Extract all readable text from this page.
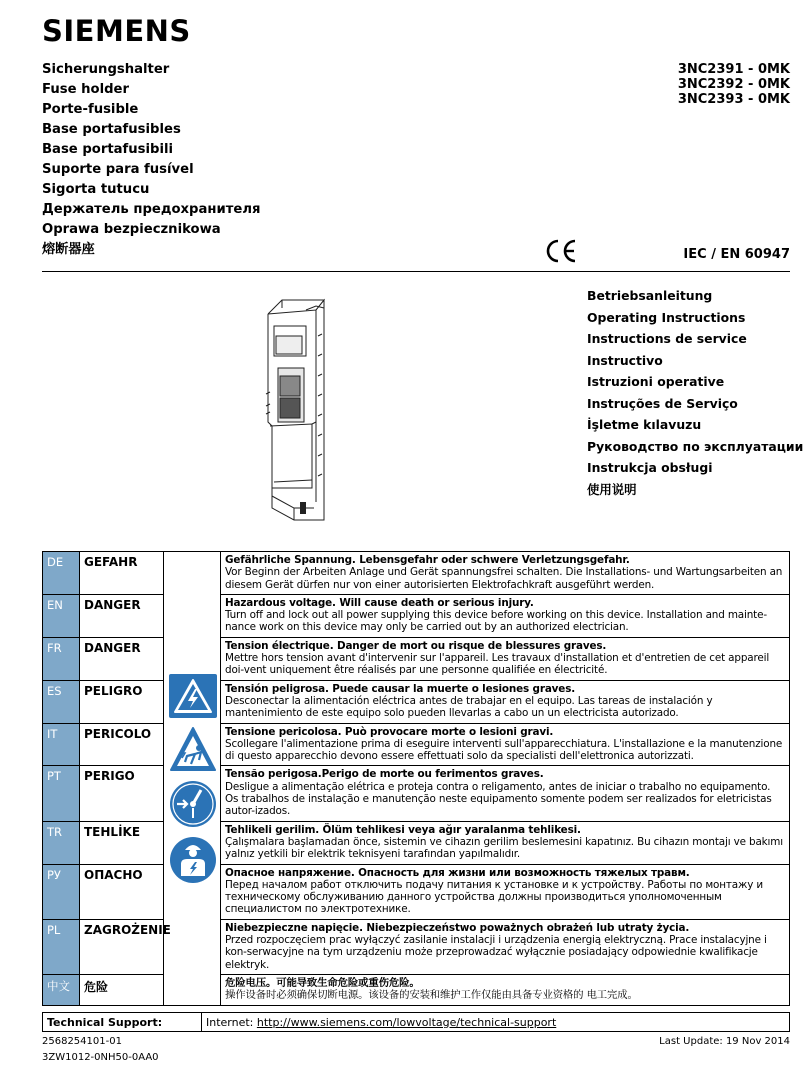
SIEMENS
Sicherungshalter
Fuse holder
Porte-fusible
Base portafusibles
Base portafusibili
Suporte para fusível
Sigorta tutucu
Держатель предохранителя
Oprawa bezpiecznikowa
熔断器座
3NC2391 - 0MK
3NC2392 - 0MK
3NC2393 - 0MK
IEC / EN 60947
Betriebsanleitung
Operating Instructions
Instructions de service
Instructivo
Istruzioni operative
Instruções de Serviço
İşletme kılavuzu
Руководство по эксплуатации
Instrukcja obsługi
使用说明
DE	GEFAHR		Gefährliche Spannung. Lebensgefahr oder schwere Verletzungsgefahr.
Vor Beginn der Arbeiten Anlage und Gerät spannungsfrei schalten. Die Installations- und Wartungsarbeiten an diesem Gerät dürfen nur von einer autorisierten Elektrofachkraft ausgeführt werden.
EN	DANGER		Hazardous voltage. Will cause death or serious injury.
Turn off and lock out all power supplying this device before working on this device. Installation and mainte-nance work on this device may only be carried out by an authorized electrician.
FR	DANGER		Tension électrique. Danger de mort ou risque de blessures graves.
Mettre hors tension avant d'intervenir sur l'appareil. Les travaux d'installation et d'entretien de cet appareil doi-vent uniquement être réalisés par une personne qualifiée en électricité.
ES	PELIGRO		Tensión peligrosa. Puede causar la muerte o lesiones graves.
Desconectar la alimentación eléctrica antes de trabajar en el equipo. Las tareas de instalación y mantenimiento de este equipo solo pueden llevarlas a cabo un un electricista autorizado.
IT	PERICOLO		Tensione pericolosa. Può provocare morte o lesioni gravi.
Scollegare l'alimentazione prima di eseguire interventi sull'apparecchiatura. L'installazione e la manutenzione di questo apparecchio devono essere effettuati solo da specialisti dell'elettronica autorizzati.
PT	PERIGO		Tensão perigosa.Perigo de morte ou ferimentos graves.
Desligue a alimentação elétrica e proteja contra o religamento, antes de iniciar o trabalho no equipamento. Os trabalhos de instalação e manutenção neste equipamento somente podem ser realizados for eletricistas autor-izados.
TR	TEHLİKE		Tehlikeli gerilim. Ölüm tehlikesi veya ağır yaralanma tehlikesi.
Çalışmalara başlamadan önce, sistemin ve cihazın gerilim beslemesini kapatınız. Bu cihazın montajı ve bakımı yalnız yetkili bir elektrik teknisyeni tarafından yapılmalıdır.
РУ	ОПАСНО		Опасное напряжение. Опасность для жизни или возможность тяжелых травм.
Перед началом работ отключить подачу питания к установке и к устройству. Работы по монтажу и техническому обслуживанию данного устройства должны производиться уполномоченным специалистом по электротехнике.
PL	ZAGROŻENIE		Niebezpieczne napięcie. Niebezpieczeństwo poważnych obrażeń lub utraty życia.
Przed rozpoczęciem prac wyłączyć zasilanie instalacji i urządzenia energią elektryczną. Prace instalacyjne i kon-serwacyjne na tym urządzeniu może przeprowadzać wyłącznie posiadający odpowiednie kwalifikacje elektryk.
中文	危险		危险电压。可能导致生命危险或重伤危险。
操作设备时必须确保切断电源。该设备的安装和维护工作仅能由具备专业资格的 电工完成。
Technical Support:	Internet: http://www.siemens.com/lowvoltage/technical-support
2568254101-01
3ZW1012-0NH50-0AA0
Last Update: 19 Nov 2014
